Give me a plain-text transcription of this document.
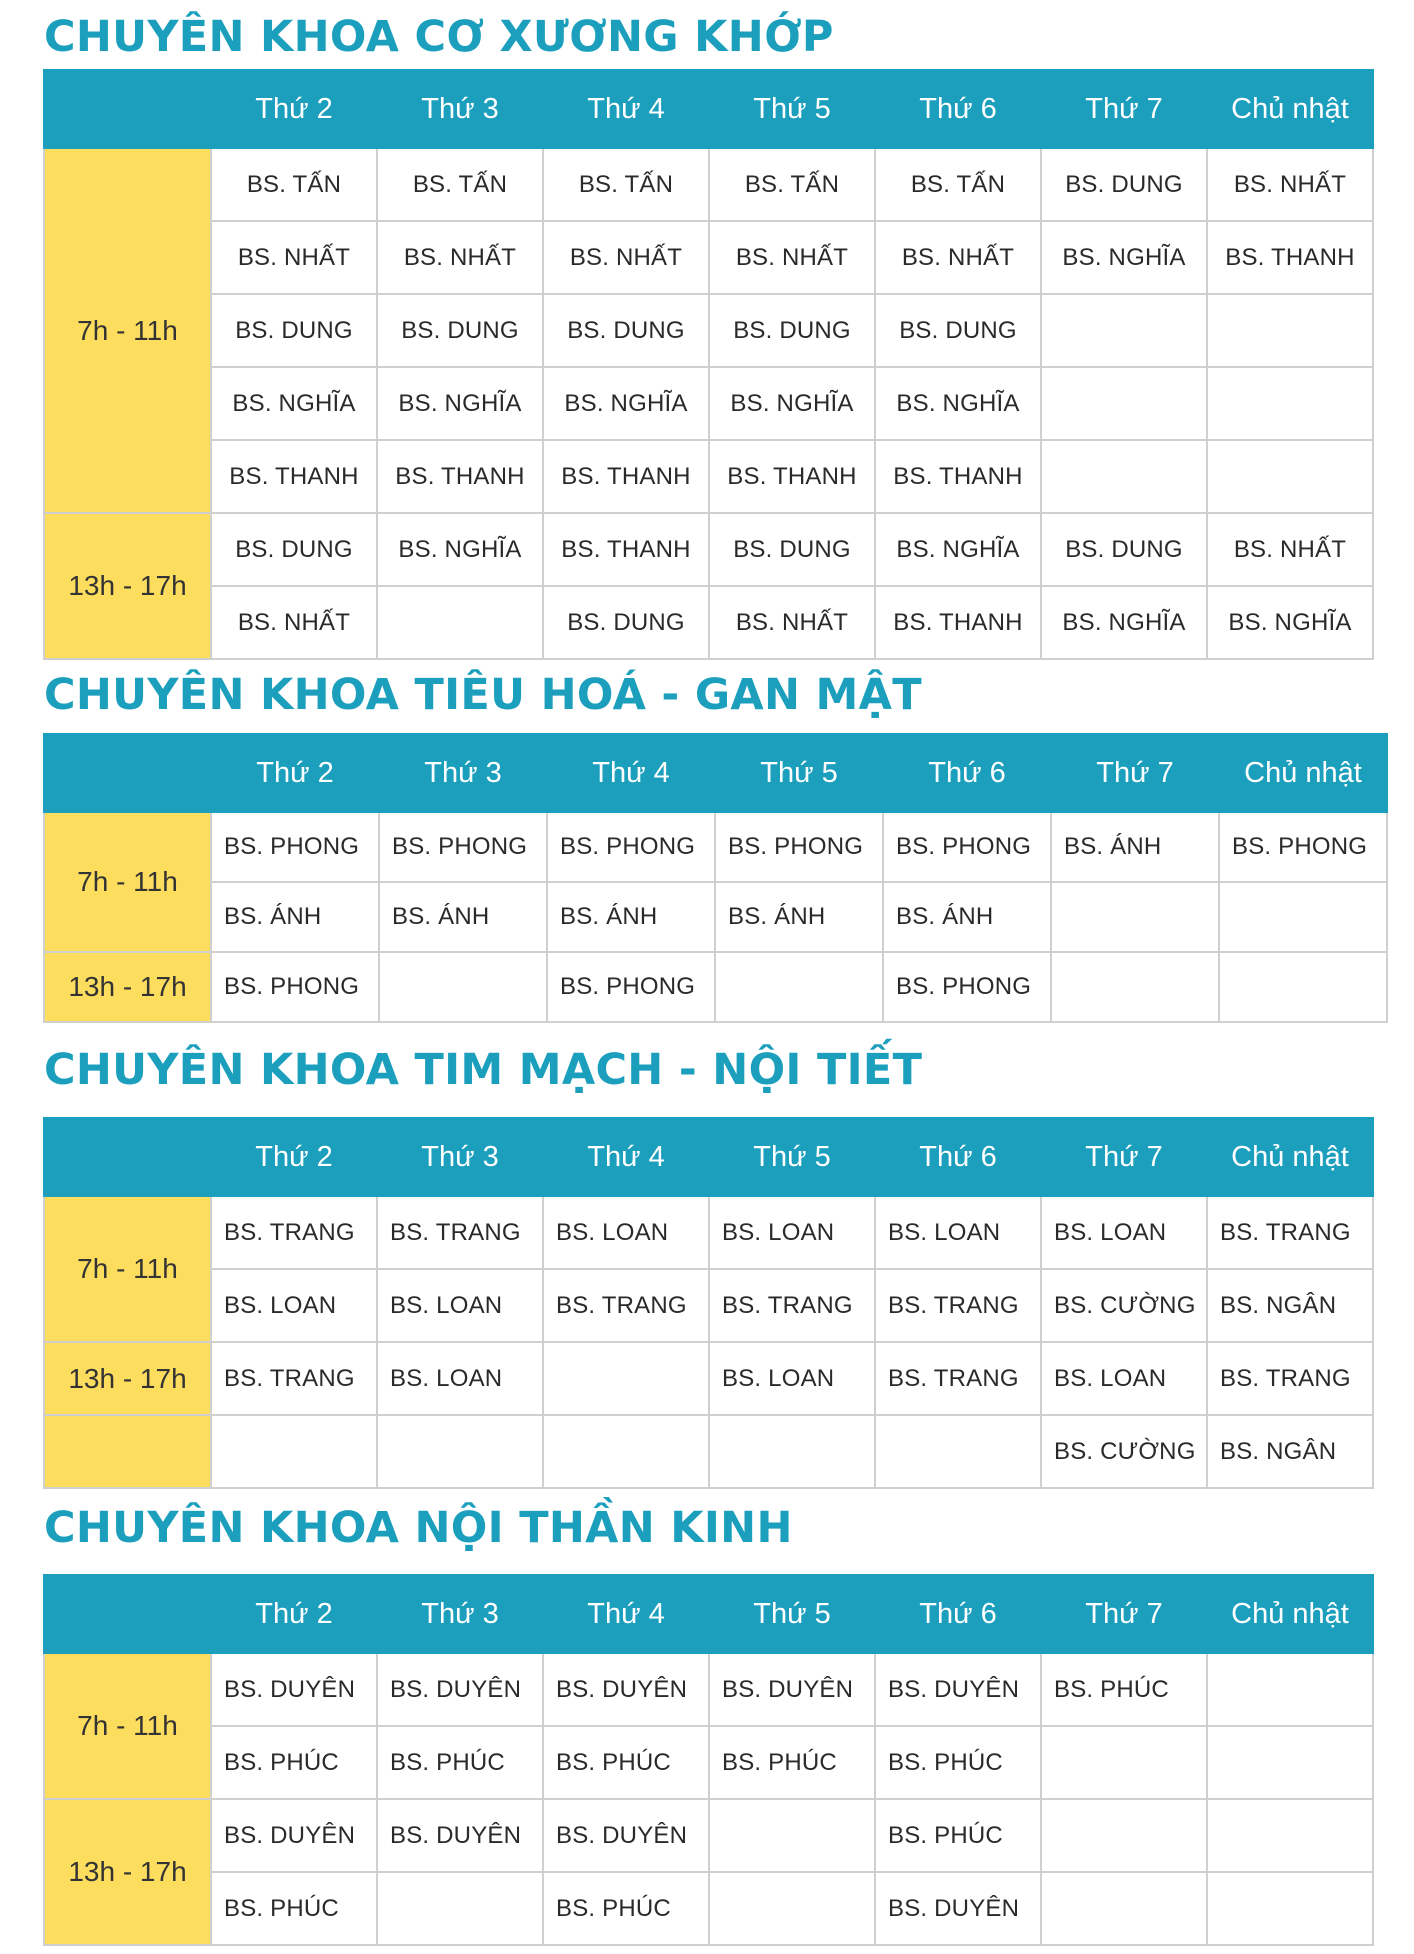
CHUYÊN KHOA CƠ XƯƠNG KHỚP
	Thứ 2	Thứ 3	Thứ 4	Thứ 5	Thứ 6	Thứ 7	Chủ nhật
7h - 11h	BS. TẤN	BS. TẤN	BS. TẤN	BS. TẤN	BS. TẤN	BS. DUNG	BS. NHẤT
	BS. NHẤT	BS. NHẤT	BS. NHẤT	BS. NHẤT	BS. NHẤT	BS. NGHĨA	BS. THANH
	BS. DUNG	BS. DUNG	BS. DUNG	BS. DUNG	BS. DUNG		
	BS. NGHĨA	BS. NGHĨA	BS. NGHĨA	BS. NGHĨA	BS. NGHĨA		
	BS. THANH	BS. THANH	BS. THANH	BS. THANH	BS. THANH		
13h - 17h	BS. DUNG	BS. NGHĨA	BS. THANH	BS. DUNG	BS. NGHĨA	BS. DUNG	BS. NHẤT
	BS. NHẤT		BS. DUNG	BS. NHẤT	BS. THANH	BS. NGHĨA	BS. NGHĨA
CHUYÊN KHOA TIÊU HOÁ - GAN MẬT
	Thứ 2	Thứ 3	Thứ 4	Thứ 5	Thứ 6	Thứ 7	Chủ nhật
7h - 11h	BS. PHONG	BS. PHONG	BS. PHONG	BS. PHONG	BS. PHONG	BS. ÁNH	BS. PHONG
	BS. ÁNH	BS. ÁNH	BS. ÁNH	BS. ÁNH	BS. ÁNH		
13h - 17h	BS. PHONG		BS. PHONG		BS. PHONG		
CHUYÊN KHOA TIM MẠCH - NỘI TIẾT
	Thứ 2	Thứ 3	Thứ 4	Thứ 5	Thứ 6	Thứ 7	Chủ nhật
7h - 11h	BS. TRANG	BS. TRANG	BS. LOAN	BS. LOAN	BS. LOAN	BS. LOAN	BS. TRANG
	BS. LOAN	BS. LOAN	BS. TRANG	BS. TRANG	BS. TRANG	BS. CƯỜNG	BS. NGÂN
13h - 17h	BS. TRANG	BS. LOAN		BS. LOAN	BS. TRANG	BS. LOAN	BS. TRANG
						BS. CƯỜNG	BS. NGÂN
CHUYÊN KHOA NỘI THẦN KINH
	Thứ 2	Thứ 3	Thứ 4	Thứ 5	Thứ 6	Thứ 7	Chủ nhật
7h - 11h	BS. DUYÊN	BS. DUYÊN	BS. DUYÊN	BS. DUYÊN	BS. DUYÊN	BS. PHÚC	
	BS. PHÚC	BS. PHÚC	BS. PHÚC	BS. PHÚC	BS. PHÚC		
13h - 17h	BS. DUYÊN	BS. DUYÊN	BS. DUYÊN		BS. PHÚC		
	BS. PHÚC		BS. PHÚC		BS. DUYÊN		
